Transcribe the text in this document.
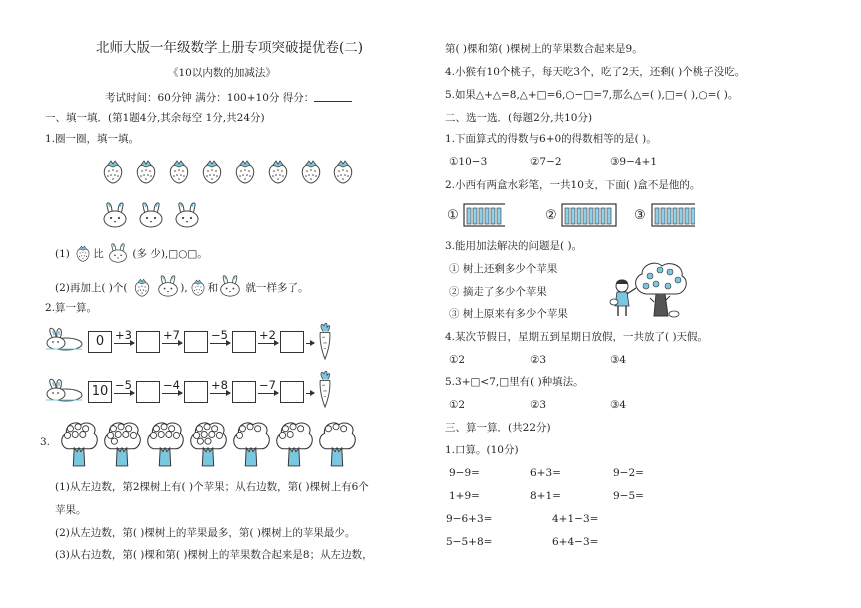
北师大版一年级数学上册专项突破提优卷(二)
《10以内数的加减法》
考试时间：60分钟 满分：100+10分 得分：
一、填一填．(第1题4分,其余每空 1分,共24分)
1.圈一圈，填一填。
(1) 比	(多 少),□○□。
(2)再加上( )个(	), 和	就一样多了。
2.算一算。
0 +3	+7	−5	+2
10 −5	−4	+8	−7
3.
(1)从左边数，第2棵树上有( )个苹果；从右边数，第( )棵树上有6个
苹果。
(2)从左边数，第( )棵树上的苹果最多，第( )棵树上的苹果最少。
(3)从右边数，第( )棵和第( )棵树上的苹果数合起来是8；从左边数，
第( )棵和第( )棵树上的苹果数合起来是9。
4.小猴有10个桃子，每天吃3个，吃了2天，还剩( )个桃子没吃。
5.如果△+△=8,△+□=6,○−□=7,那么△=( ),□=( ),○=( )。
二、选一选．(每题2分,共10分)
1.下面算式的得数与6+0的得数相等的是( )。
①10−3	②7−2	③9−4+1
2.小西有两盒水彩笔，一共10支，下面( )盒不是他的。
①	②	③
3.能用加法解决的问题是( )。
① 树上还剩多少个苹果
② 摘走了多少个苹果
③ 树上原来有多少个苹果
4.某次节假日，星期五到星期日放假，一共放了( )天假。
①2	②3	③4
5.3+□<7,□里有( )种填法。
①2	②3	③4
三、算一算．(共22分)
1.口算。(10分)
9−9=	6+3=	9−2=
1+9=	8+1=	9−5=
9−6+3=	4+1−3=
5−5+8=	6+4−3=
